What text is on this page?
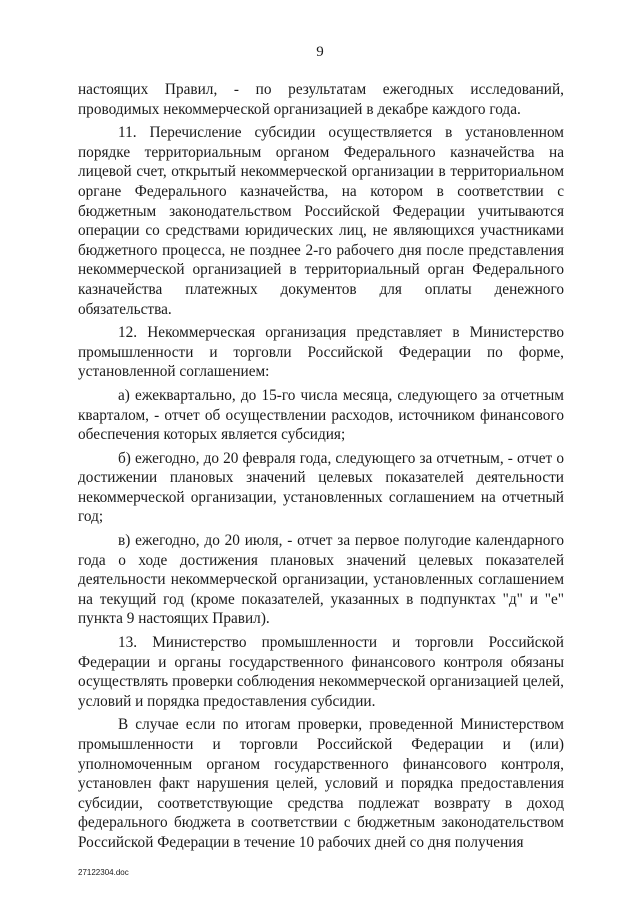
9

настоящих Правил, - по результатам ежегодных исследований, проводимых некоммерческой организацией в декабре каждого года.

11. Перечисление субсидии осуществляется в установленном порядке территориальным органом Федерального казначейства на лицевой счет, открытый некоммерческой организации в территориальном органе Федерального казначейства, на котором в соответствии с бюджетным законодательством Российской Федерации учитываются операции со средствами юридических лиц, не являющихся участниками бюджетного процесса, не позднее 2-го рабочего дня после представления некоммерческой организацией в территориальный орган Федерального казначейства платежных документов для оплаты денежного обязательства.

12. Некоммерческая организация представляет в Министерство промышленности и торговли Российской Федерации по форме, установленной соглашением:

а) ежеквартально, до 15-го числа месяца, следующего за отчетным кварталом, - отчет об осуществлении расходов, источником финансового обеспечения которых является субсидия;

б) ежегодно, до 20 февраля года, следующего за отчетным, - отчет о достижении плановых значений целевых показателей деятельности некоммерческой организации, установленных соглашением на отчетный год;

в) ежегодно, до 20 июля, - отчет за первое полугодие календарного года о ходе достижения плановых значений целевых показателей деятельности некоммерческой организации, установленных соглашением на текущий год (кроме показателей, указанных в подпунктах "д" и "е" пункта 9 настоящих Правил).

13. Министерство промышленности и торговли Российской Федерации и органы государственного финансового контроля обязаны осуществлять проверки соблюдения некоммерческой организацией целей, условий и порядка предоставления субсидии.

В случае если по итогам проверки, проведенной Министерством промышленности и торговли Российской Федерации и (или) уполномоченным органом государственного финансового контроля, установлен факт нарушения целей, условий и порядка предоставления субсидии, соответствующие средства подлежат возврату в доход федерального бюджета в соответствии с бюджетным законодательством Российской Федерации в течение 10 рабочих дней со дня получения

27122304.doc
